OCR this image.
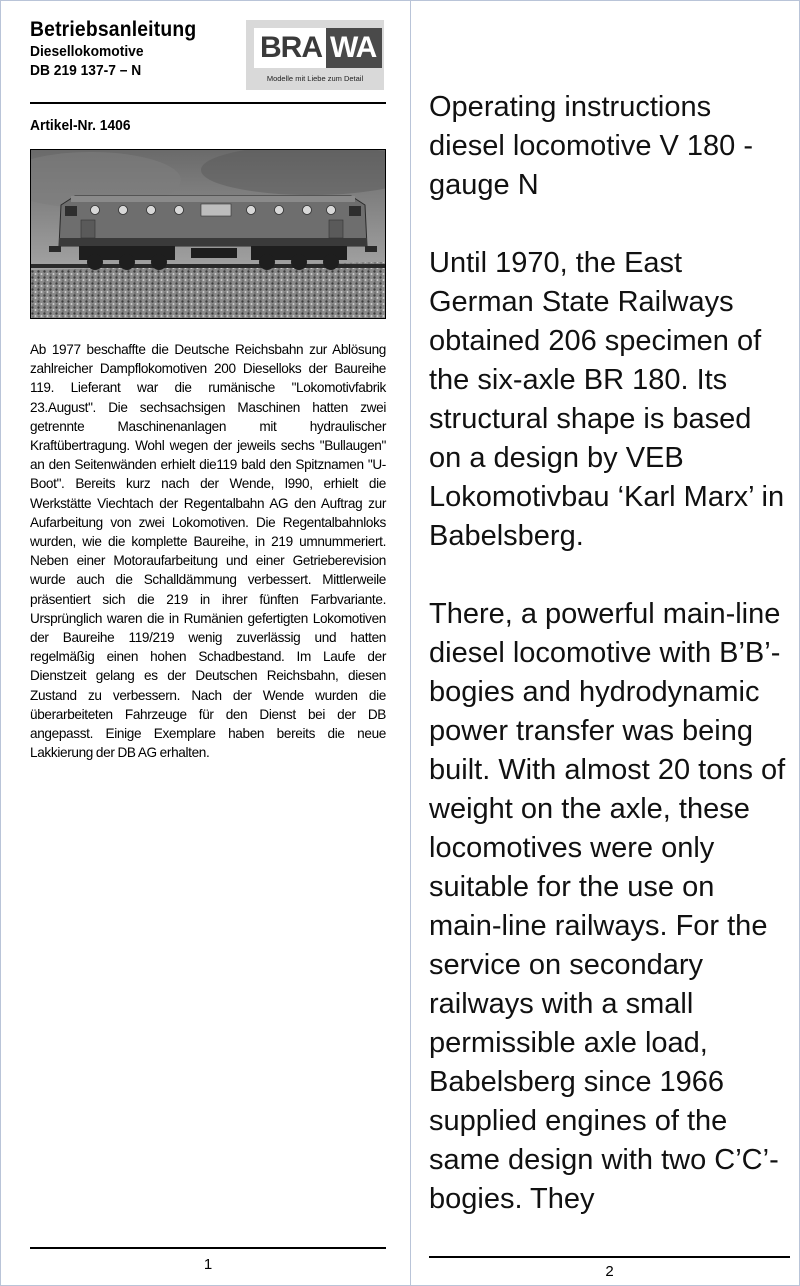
Betriebsanleitung
Diesellokomotive
DB 219 137-7 – N
BRA WA
Modelle mit Liebe zum Detail
Artikel-Nr. 1406

Ab 1977 beschaffte die Deutsche Reichsbahn zur Ablösung zahlreicher Dampflokomotiven 200 Dieselloks der Baureihe 119. Lieferant war die rumänische "Lokomotivfabrik 23.August". Die sechsachsigen Maschinen hatten zwei getrennte Maschinenanlagen mit hydraulischer Kraftübertragung. Wohl wegen der jeweils sechs "Bullaugen" an den Seitenwänden erhielt die119 bald den Spitznamen "U-Boot". Bereits kurz nach der Wende, l990, erhielt die Werkstätte Viechtach der Regentalbahn AG den Auftrag zur Aufarbeitung von zwei Lokomotiven. Die Regentalbahnloks wurden, wie die komplette Baureihe, in 219 umnummeriert. Neben einer Motoraufarbeitung und einer Getrieberevision wurde auch die Schalldämmung verbessert. Mittlerweile präsentiert sich die 219 in ihrer fünften Farbvariante. Ursprünglich waren die in Rumänien gefertigten Lokomotiven der Baureihe 119/219 wenig zuverlässig und hatten regelmäßig einen hohen Schadbestand. Im Laufe der Dienstzeit gelang es der Deutschen Reichsbahn, diesen Zustand zu verbessern. Nach der Wende wurden die überarbeiteten Fahrzeuge für den Dienst bei der DB angepasst. Einige Exemplare haben bereits die neue Lakkierung der DB AG erhalten.

1

Operating instructions diesel locomotive V 180 - gauge N

Until 1970, the East German State Railways obtained 206 specimen of the six-axle BR 180. Its structural shape is based on a design by VEB Lokomotivbau ‘Karl Marx’ in Babelsberg.

There, a powerful main-line diesel locomotive with B’B’-bogies and hydrodynamic power transfer was being built. With almost 20 tons of weight on the axle, these locomotives were only suitable for the use on main-line railways. For the service on secondary railways with a small permissible axle load, Babelsberg since 1966 supplied engines of the same design with two C’C’-bogies. They

2
